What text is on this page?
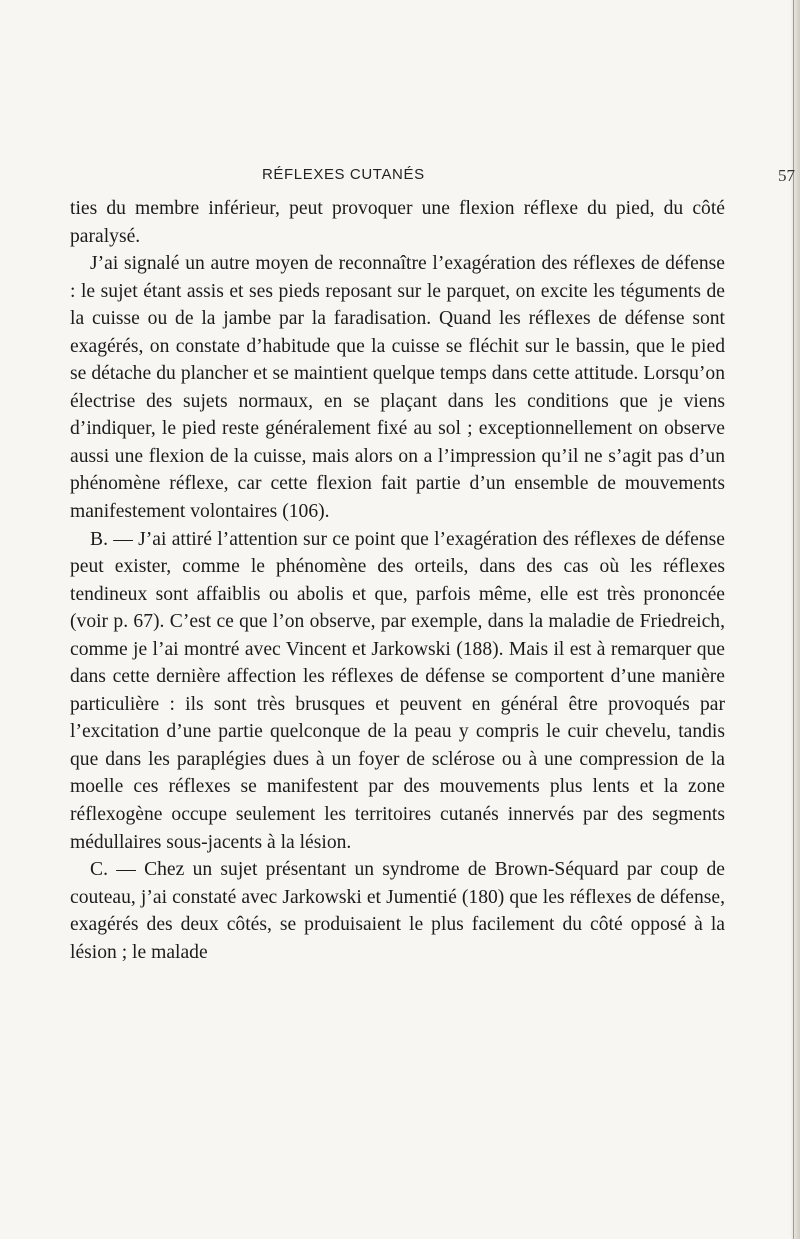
RÉFLEXES CUTANÉS	57

ties du membre inférieur, peut provoquer une flexion réflexe du pied, du côté paralysé.

J’ai signalé un autre moyen de reconnaître l’exagération des réflexes de défense : le sujet étant assis et ses pieds reposant sur le parquet, on excite les téguments de la cuisse ou de la jambe par la faradisation. Quand les réflexes de défense sont exagérés, on constate d’habitude que la cuisse se fléchit sur le bassin, que le pied se détache du plancher et se maintient quelque temps dans cette attitude. Lorsqu’on électrise des sujets normaux, en se plaçant dans les conditions que je viens d’indiquer, le pied reste généralement fixé au sol ; exceptionnellement on observe aussi une flexion de la cuisse, mais alors on a l’impression qu’il ne s’agit pas d’un phénomène réflexe, car cette flexion fait partie d’un ensemble de mouvements manifestement volontaires (106).

B. — J’ai attiré l’attention sur ce point que l’exagération des réflexes de défense peut exister, comme le phénomène des orteils, dans des cas où les réflexes tendineux sont affaiblis ou abolis et que, parfois même, elle est très prononcée (voir p. 67). C’est ce que l’on observe, par exemple, dans la maladie de Friedreich, comme je l’ai montré avec Vincent et Jarkowski (188). Mais il est à remarquer que dans cette dernière affection les réflexes de défense se comportent d’une manière particulière : ils sont très brusques et peuvent en général être provoqués par l’excitation d’une partie quelconque de la peau y compris le cuir chevelu, tandis que dans les paraplégies dues à un foyer de sclérose ou à une compression de la moelle ces réflexes se manifestent par des mouvements plus lents et la zone réflexogène occupe seulement les territoires cutanés innervés par des segments médullaires sous-jacents à la lésion.

C. — Chez un sujet présentant un syndrome de Brown-Séquard par coup de couteau, j’ai constaté avec Jarkowski et Jumentié (180) que les réflexes de défense, exagérés des deux côtés, se produisaient le plus facilement du côté opposé à la lésion ; le malade
